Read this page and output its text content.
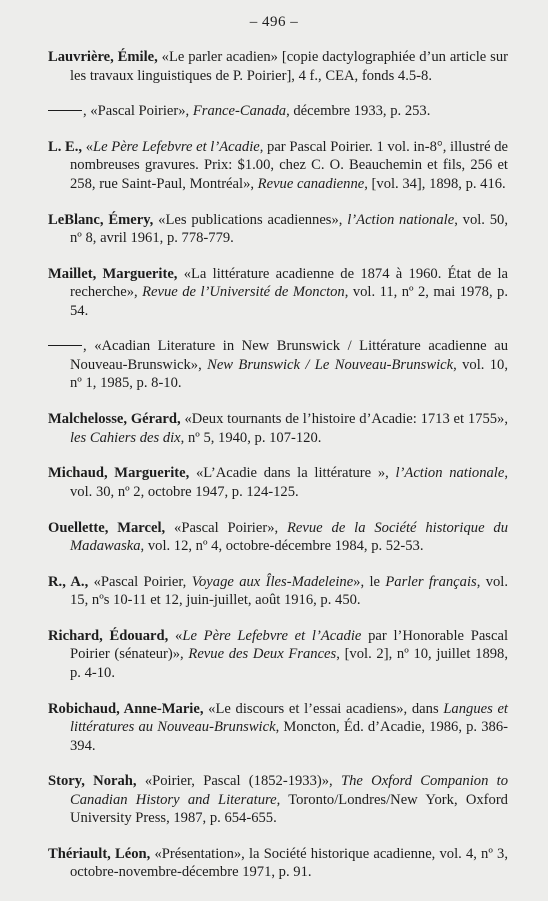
– 496 –

Lauvrière, Émile, «Le parler acadien» [copie dactylographiée d’un article sur les travaux linguistiques de P. Poirier], 4 f., CEA, fonds 4.5-8.

, «Pascal Poirier», France-Canada, décembre 1933, p. 253.

L. E., «Le Père Lefebvre et l’Acadie, par Pascal Poirier. 1 vol. in-8°, illustré de nombreuses gravures. Prix: $1.00, chez C. O. Beauchemin et fils, 256 et 258, rue Saint-Paul, Montréal», Revue canadienne, [vol. 34], 1898, p. 416.

LeBlanc, Émery, «Les publications acadiennes», l’Action nationale, vol. 50, nº 8, avril 1961, p. 778-779.

Maillet, Marguerite, «La littérature acadienne de 1874 à 1960. État de la recherche», Revue de l’Université de Moncton, vol. 11, nº 2, mai 1978, p. 54.

, «Acadian Literature in New Brunswick / Littérature acadienne au Nouveau-Brunswick», New Brunswick / Le Nouveau-Brunswick, vol. 10, nº 1, 1985, p. 8-10.

Malchelosse, Gérard, «Deux tournants de l’histoire d’Acadie: 1713 et 1755», les Cahiers des dix, nº 5, 1940, p. 107-120.

Michaud, Marguerite, «L’Acadie dans la littérature », l’Action nationale, vol. 30, nº 2, octobre 1947, p. 124-125.

Ouellette, Marcel, «Pascal Poirier», Revue de la Société historique du Madawaska, vol. 12, nº 4, octobre-décembre 1984, p. 52-53.

R., A., «Pascal Poirier, Voyage aux Îles-Madeleine», le Parler français, vol. 15, nºs 10-11 et 12, juin-juillet, août 1916, p. 450.

Richard, Édouard, «Le Père Lefebvre et l’Acadie par l’Honorable Pascal Poirier (sénateur)», Revue des Deux Frances, [vol. 2], nº 10, juillet 1898, p. 4-10.

Robichaud, Anne-Marie, «Le discours et l’essai acadiens», dans Langues et littératures au Nouveau-Brunswick, Moncton, Éd. d’Acadie, 1986, p. 386-394.

Story, Norah, «Poirier, Pascal (1852-1933)», The Oxford Companion to Canadian History and Literature, Toronto/Londres/New York, Oxford University Press, 1987, p. 654-655.

Thériault, Léon, «Présentation», la Société historique acadienne, vol. 4, nº 3, octobre-novembre-décembre 1971, p. 91.
